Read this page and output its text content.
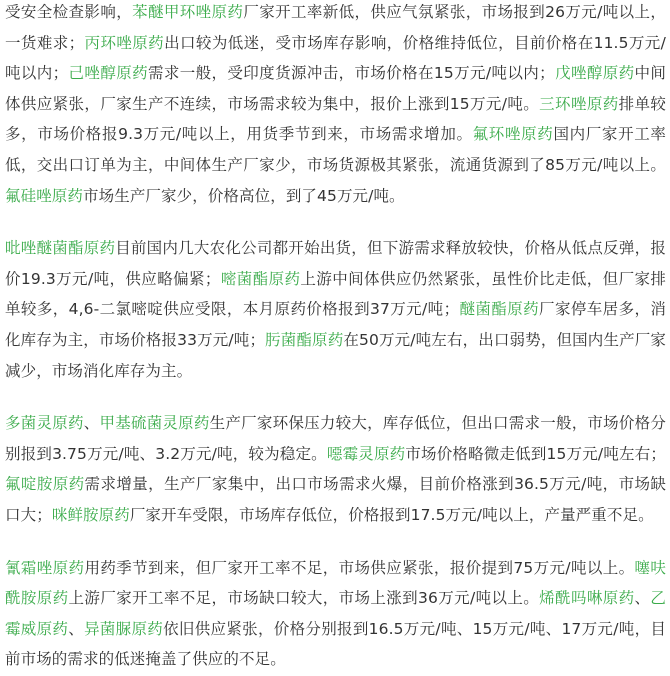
受安全检查影响，苯醚甲环唑原药厂家开工率新低，供应气氛紧张，市场报到26万元/吨以上，一货难求；丙环唑原药出口较为低迷，受市场库存影响，价格维持低位，目前价格在11.5万元/吨以内；己唑醇原药需求一般，受印度货源冲击，市场价格在15万元/吨以内；戊唑醇原药中间体供应紧张，厂家生产不连续，市场需求较为集中，报价上涨到15万元/吨。三环唑原药排单较多，市场价格报9.3万元/吨以上，用货季节到来，市场需求增加。氟环唑原药国内厂家开工率低，交出口订单为主，中间体生产厂家少，市场货源极其紧张，流通货源到了85万元/吨以上。氟硅唑原药市场生产厂家少，价格高位，到了45万元/吨。

吡唑醚菌酯原药目前国内几大农化公司都开始出货，但下游需求释放较快，价格从低点反弹，报价19.3万元/吨，供应略偏紧；嘧菌酯原药上游中间体供应仍然紧张，虽性价比走低，但厂家排单较多，4,6-二氯嘧啶供应受限，本月原药价格报到37万元/吨；醚菌酯原药厂家停车居多，消化库存为主，市场价格报33万元/吨；肟菌酯原药在50万元/吨左右，出口弱势，但国内生产厂家减少，市场消化库存为主。

多菌灵原药、甲基硫菌灵原药生产厂家环保压力较大，库存低位，但出口需求一般，市场价格分别报到3.75万元/吨、3.2万元/吨，较为稳定。噁霉灵原药市场价格略微走低到15万元/吨左右；氟啶胺原药需求增量，生产厂家集中，出口市场需求火爆，目前价格涨到36.5万元/吨，市场缺口大；咪鲜胺原药厂家开车受限，市场库存低位，价格报到17.5万元/吨以上，产量严重不足。

氰霜唑原药用药季节到来，但厂家开工率不足，市场供应紧张，报价提到75万元/吨以上。噻呋酰胺原药上游厂家开工率不足，市场缺口较大，市场上涨到36万元/吨以上。烯酰吗啉原药、乙霉威原药、异菌脲原药依旧供应紧张，价格分别报到16.5万元/吨、15万元/吨、17万元/吨，目前市场的需求的低迷掩盖了供应的不足。
